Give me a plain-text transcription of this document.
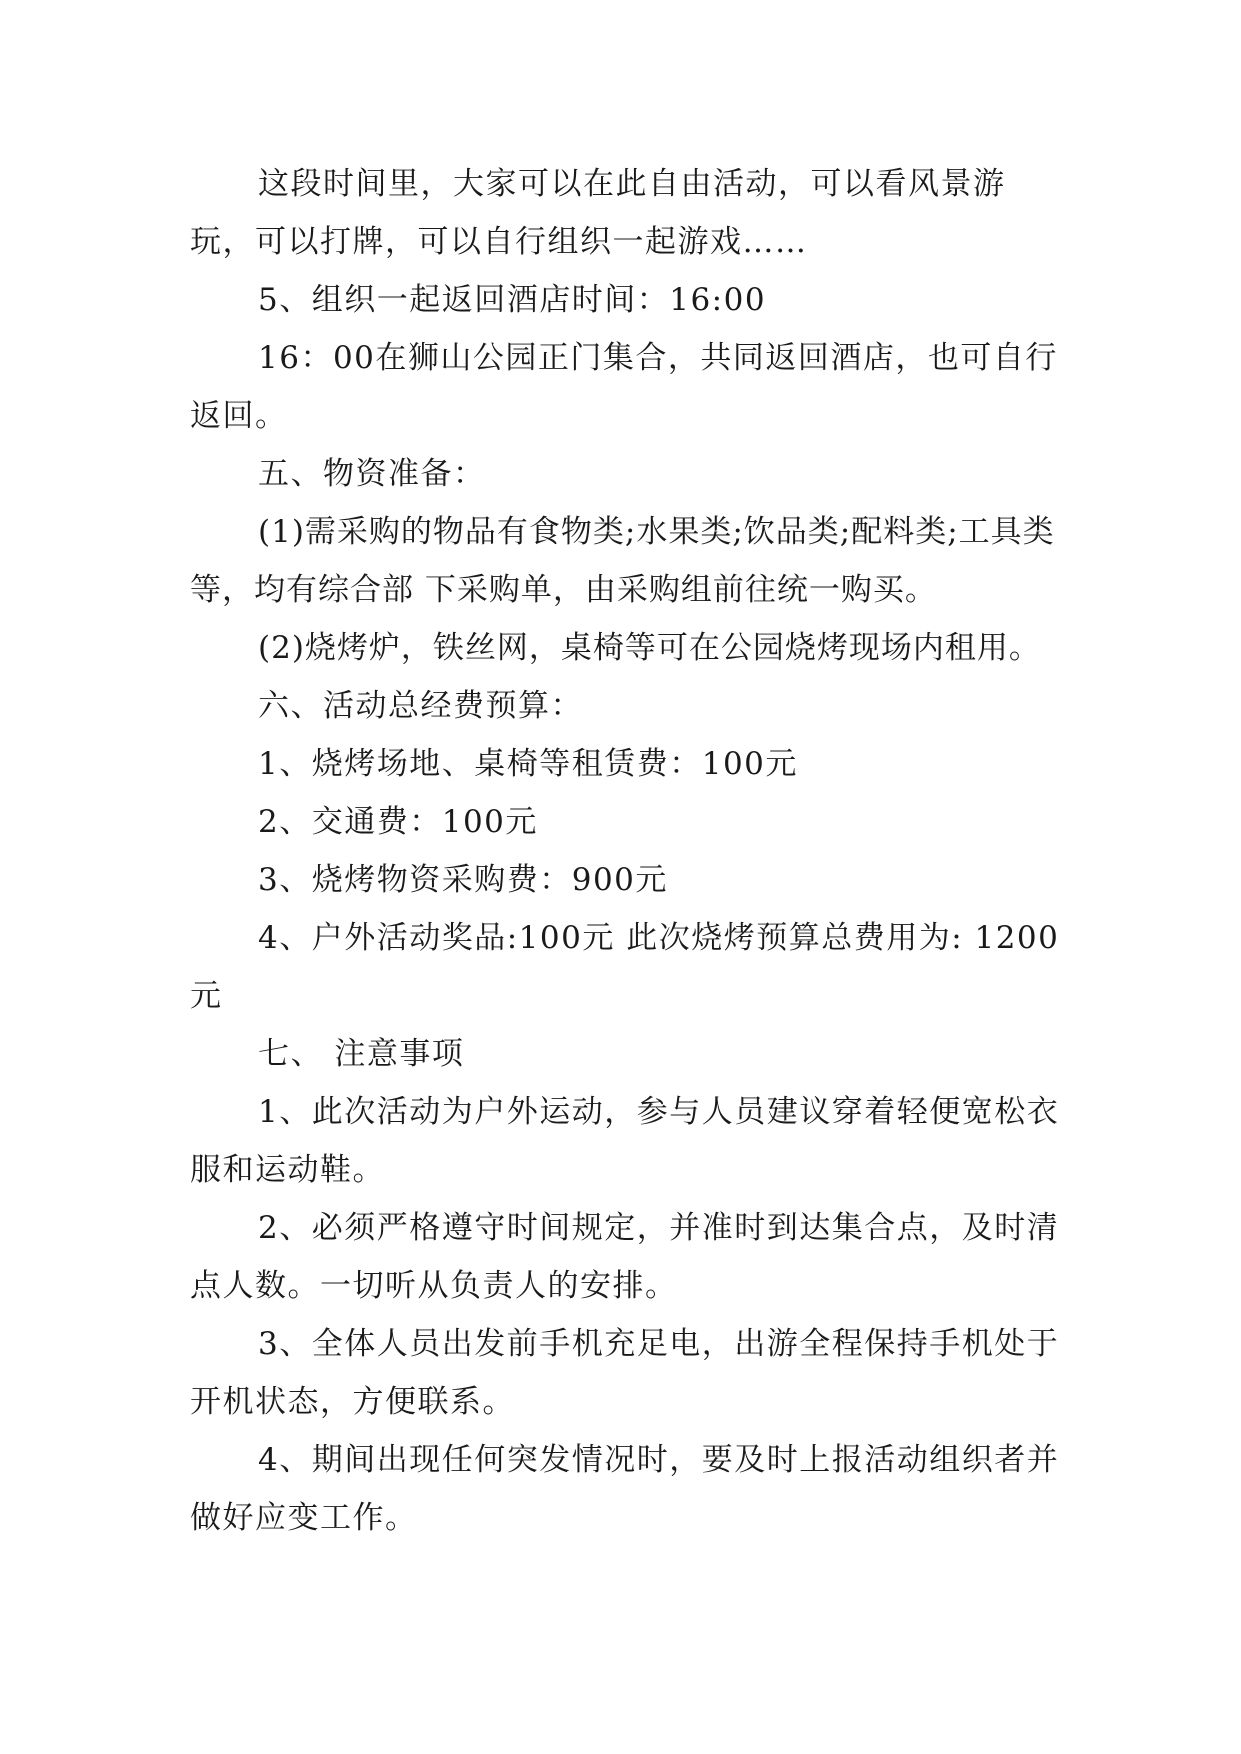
这段时间里，大家可以在此自由活动，可以看风景游玩，可以打牌，可以自行组织一起游戏……

5、组织一起返回酒店时间：16:00

16：00在狮山公园正门集合，共同返回酒店，也可自行返回。

五、物资准备：

(1)需采购的物品有食物类;水果类;饮品类;配料类;工具类等，均有综合部 下采购单，由采购组前往统一购买。

(2)烧烤炉，铁丝网，桌椅等可在公园烧烤现场内租用。

六、活动总经费预算：

1、烧烤场地、桌椅等租赁费：100元

2、交通费：100元

3、烧烤物资采购费：900元

4、户外活动奖品:100元 此次烧烤预算总费用为: 1200元

七、 注意事项

1、此次活动为户外运动，参与人员建议穿着轻便宽松衣服和运动鞋。

2、必须严格遵守时间规定，并准时到达集合点，及时清点人数。一切听从负责人的安排。

3、全体人员出发前手机充足电，出游全程保持手机处于开机状态，方便联系。

4、期间出现任何突发情况时，要及时上报活动组织者并做好应变工作。
